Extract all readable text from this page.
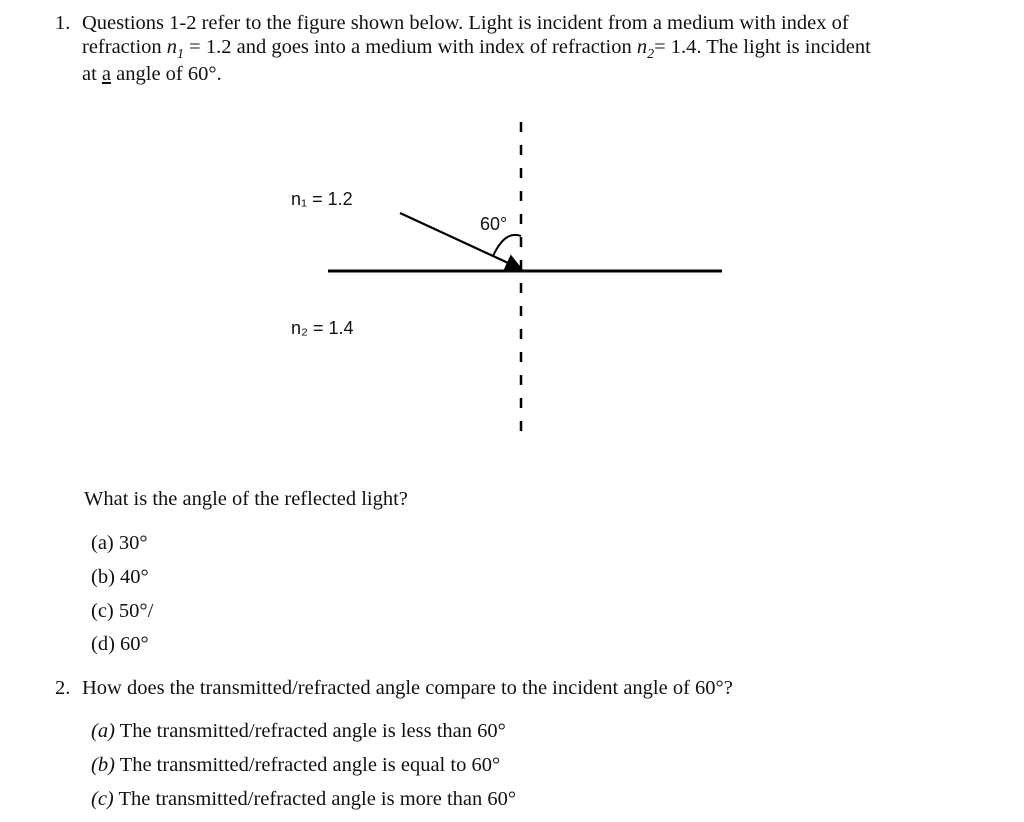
1. Questions 1-2 refer to the figure shown below. Light is incident from a medium with index of
refraction $n_1 = 1.2$ and goes into a medium with index of refraction $n_2= 1.4$. The light is incident
at a angle of 60°.
n₁ = 1.2
n₂ = 1.4
60°
What is the angle of the reflected light?
(a) 30°
(b) 40°
(c) 50°/
(d) 60°
2. How does the transmitted/refracted angle compare to the incident angle of 60°?
(a) The transmitted/refracted angle is less than 60°
(b) The transmitted/refracted angle is equal to 60°
(c) The transmitted/refracted angle is more than 60°
